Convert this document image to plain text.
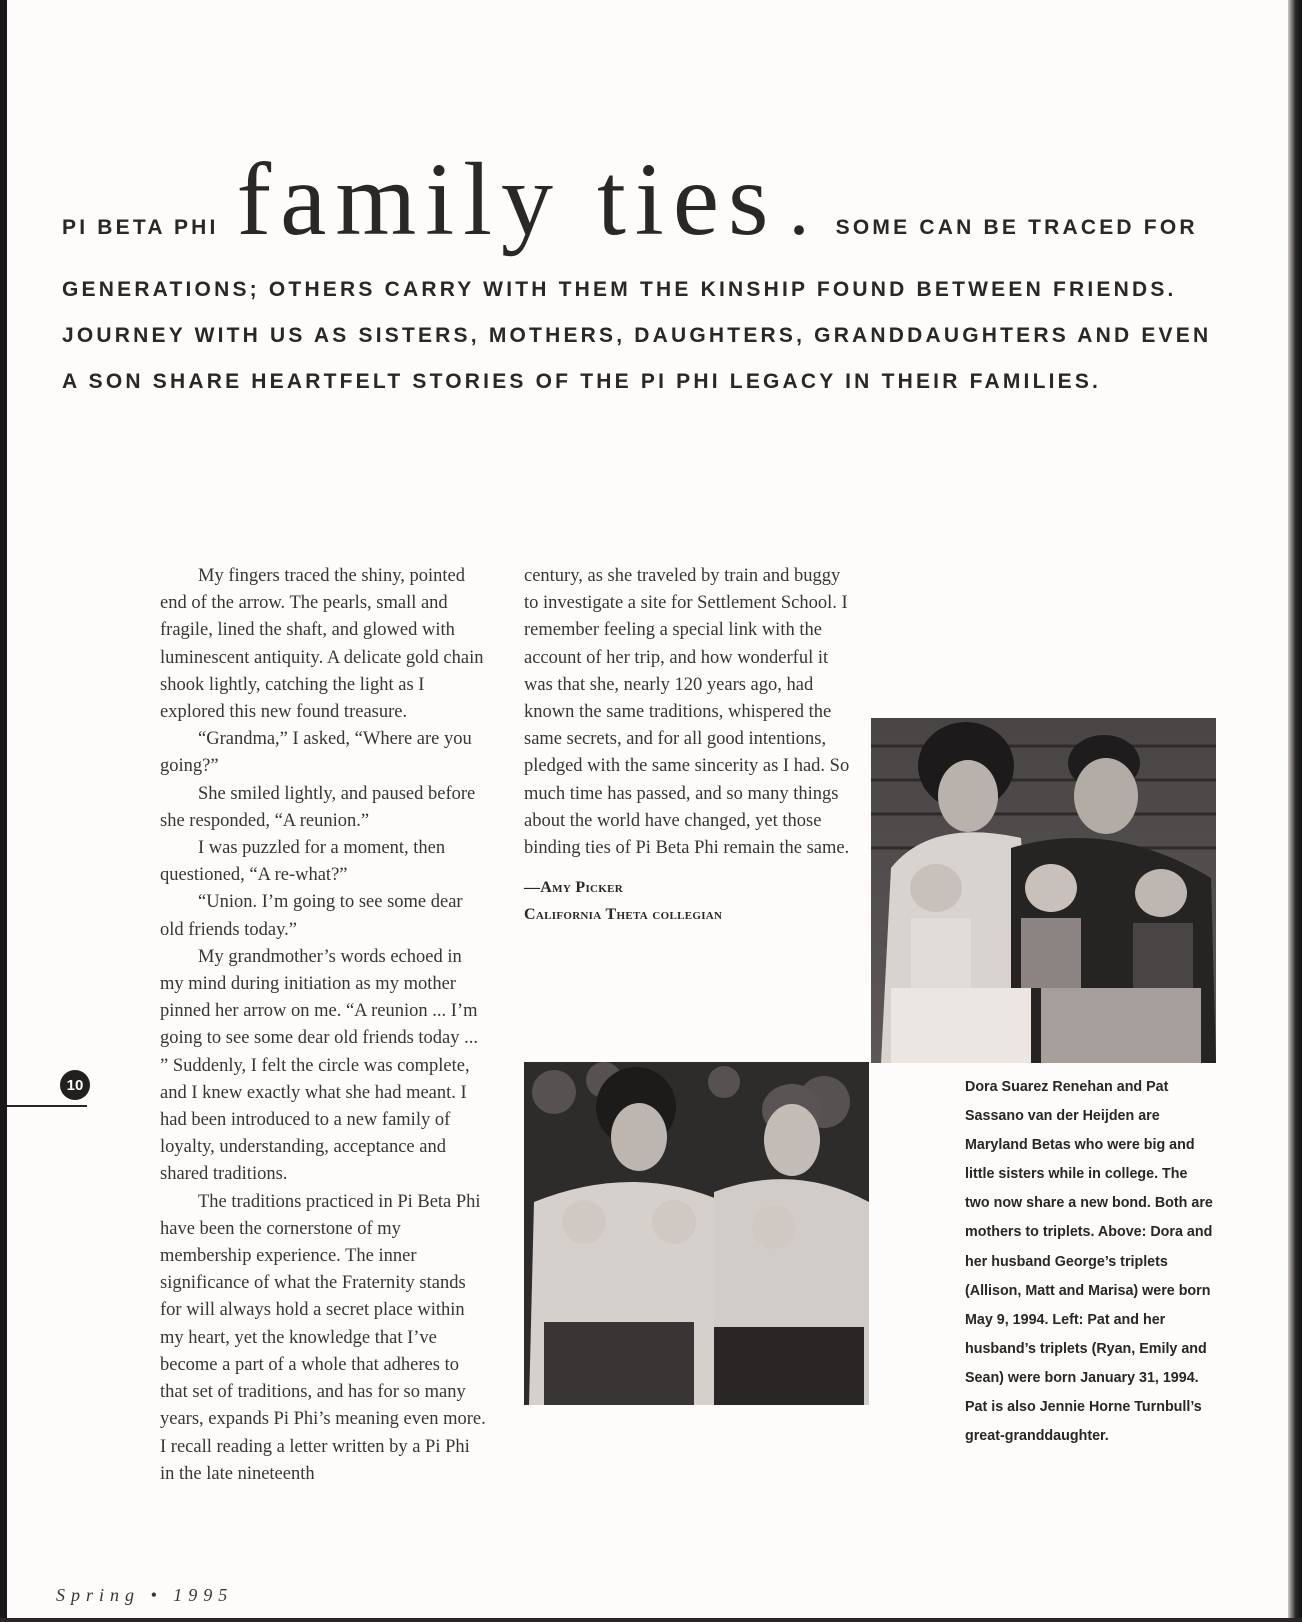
PI BETA PHI family ties . SOME CAN BE TRACED FOR
GENERATIONS; OTHERS CARRY WITH THEM THE KINSHIP FOUND BETWEEN FRIENDS.
JOURNEY WITH US AS SISTERS, MOTHERS, DAUGHTERS, GRANDDAUGHTERS AND EVEN
A SON SHARE HEARTFELT STORIES OF THE PI PHI LEGACY IN THEIR FAMILIES.

My fingers traced the shiny, pointed end of the arrow. The pearls, small and fragile, lined the shaft, and glowed with luminescent antiquity. A delicate gold chain shook lightly, catching the light as I explored this new found treasure.

“Grandma,” I asked, “Where are you going?”

She smiled lightly, and paused before she responded, “A reunion.”

I was puzzled for a moment, then questioned, “A re-what?”

“Union. I’m going to see some dear old friends today.”

My grandmother’s words echoed in my mind during initiation as my mother pinned her arrow on me. “A reunion ... I’m going to see some dear old friends today ... ” Suddenly, I felt the circle was complete, and I knew exactly what she had meant. I had been introduced to a new family of loyalty, understanding, acceptance and shared traditions.

The traditions practiced in Pi Beta Phi have been the cornerstone of my membership experience. The inner significance of what the Fraternity stands for will always hold a secret place within my heart, yet the knowledge that I’ve become a part of a whole that adheres to that set of traditions, and has for so many years, expands Pi Phi’s meaning even more. I recall reading a letter written by a Pi Phi in the late nineteenth

century, as she traveled by train and buggy to investigate a site for Settlement School. I remember feeling a special link with the account of her trip, and how wonderful it was that she, nearly 120 years ago, had known the same traditions, whispered the same secrets, and for all good intentions, pledged with the same sincerity as I had. So much time has passed, and so many things about the world have changed, yet those binding ties of Pi Beta Phi remain the same.

—Amy Picker
California Theta collegian
Dora Suarez Renehan and Pat Sassano van der Heijden are Maryland Betas who were big and little sisters while in college. The two now share a new bond. Both are mothers to triplets. Above: Dora and her husband George’s triplets (Allison, Matt and Marisa) were born May 9, 1994. Left: Pat and her husband’s triplets (Ryan, Emily and Sean) were born January 31, 1994. Pat is also Jennie Horne Turnbull’s great-granddaughter.
10
Spring • 1995
